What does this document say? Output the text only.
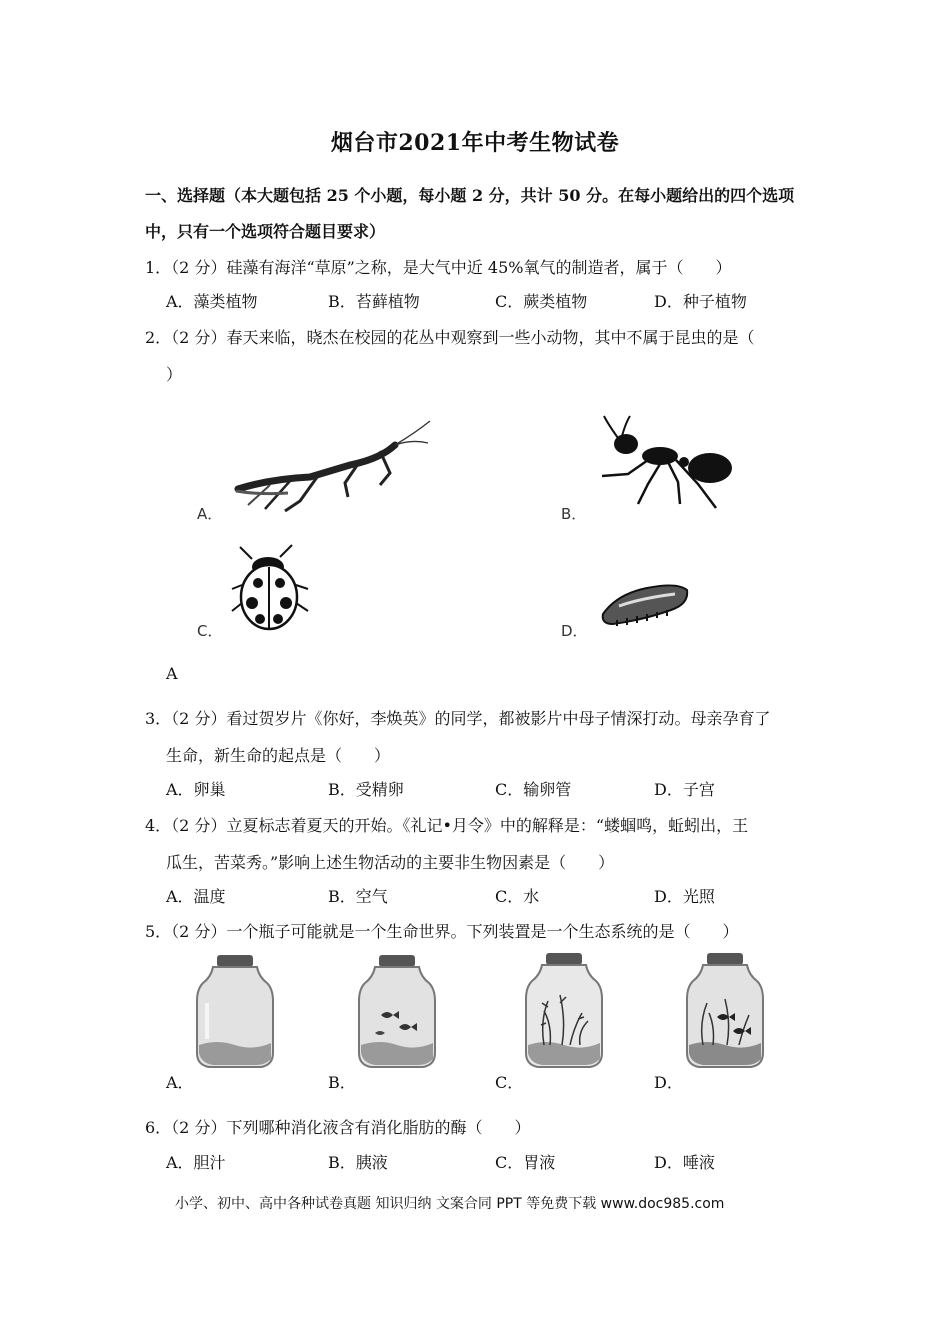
烟台市2021年中考生物试卷
一、选择题（本大题包括 25 个小题，每小题 2 分，共计 50 分。在每小题给出的四个选项
中，只有一个选项符合题目要求）
1．（2 分）硅藻有海洋“草原”之称，是大气中近 45%氧气的制造者，属于（　　）
A．藻类植物	B．苔藓植物	C．蕨类植物	D．种子植物
2．（2 分）春天来临，晓杰在校园的花丛中观察到一些小动物，其中不属于昆虫的是（
）
A．	B．
C．	D．
A
3．（2 分）看过贺岁片《你好，李焕英》的同学，都被影片中母子情深打动。母亲孕育了
生命，新生命的起点是（　　）
A．卵巢	B．受精卵	C．输卵管	D．子宫
4．（2 分）立夏标志着夏天的开始。《礼记•月令》中的解释是：“蝼蝈鸣，蚯蚓出，王
瓜生，苦菜秀。”影响上述生物活动的主要非生物因素是（　　）
A．温度	B．空气	C．水	D．光照
5．（2 分）一个瓶子可能就是一个生命世界。下列装置是一个生态系统的是（　　）
A．	B．	C．	D．
6．（2 分）下列哪种消化液含有消化脂肪的酶（　　）
A．胆汁	B．胰液	C．胃液	D．唾液
小学、初中、高中各种试卷真题 知识归纳 文案合同 PPT 等免费下载 www.doc985.com
